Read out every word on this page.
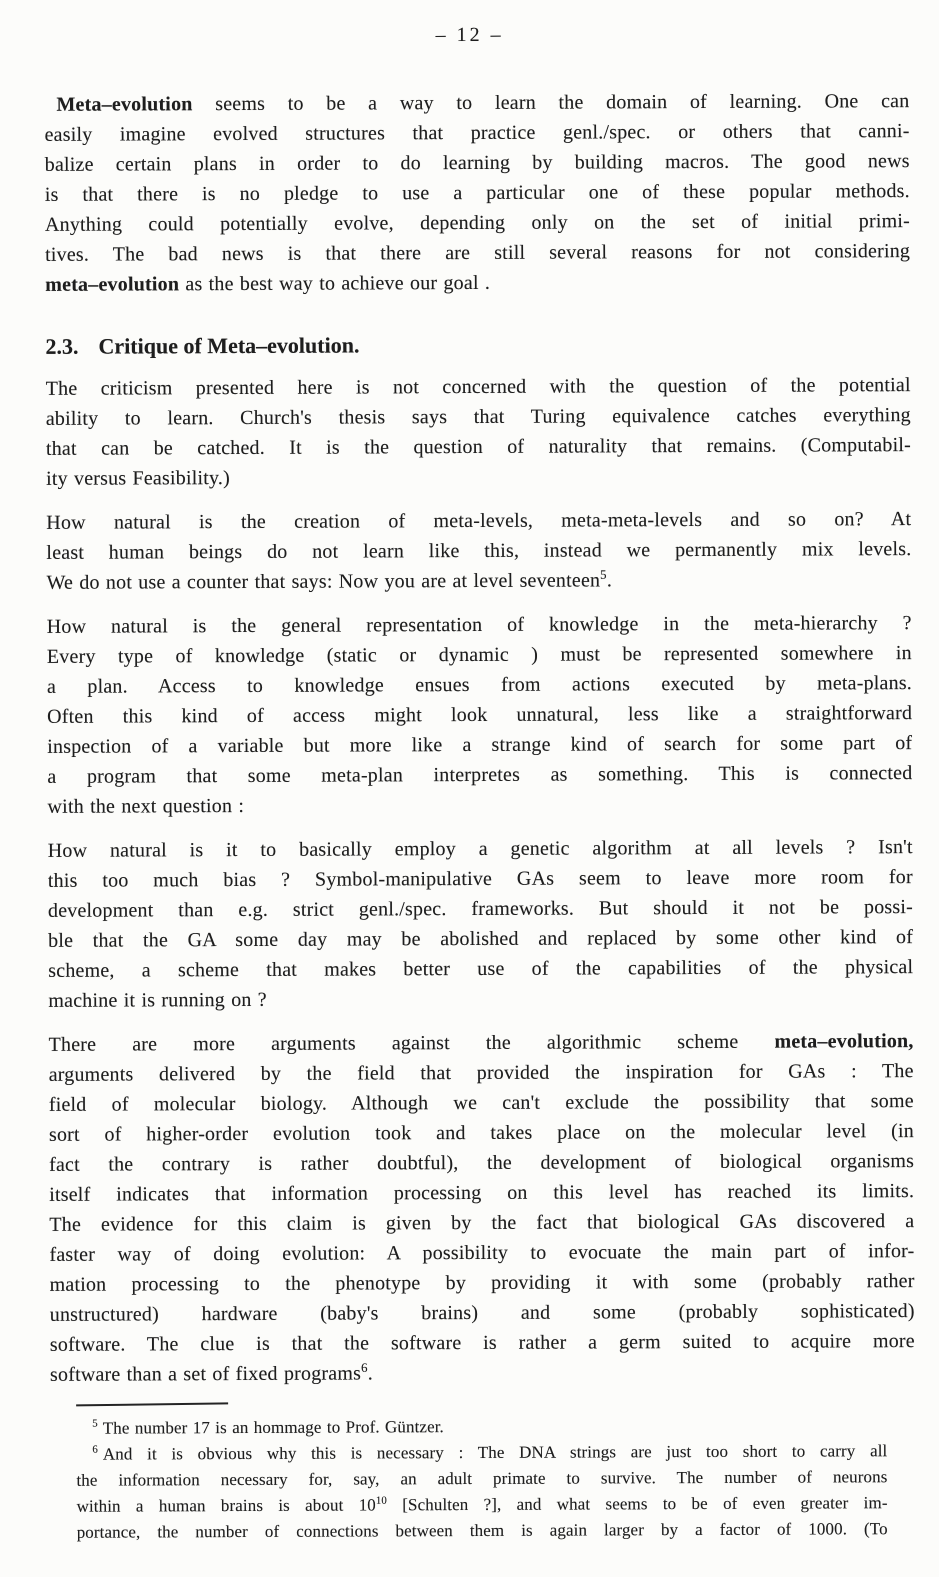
– 12 –
Meta–evolution seems to be a way to learn the domain of learning. One can
easily imagine evolved structures that practice genl./spec. or others that canni-
balize certain plans in order to do learning by building macros. The good news
is that there is no pledge to use a particular one of these popular methods.
Anything could potentially evolve, depending only on the set of initial primi-
tives. The bad news is that there are still several reasons for not considering
meta–evolution as the best way to achieve our goal .
2.3. Critique of Meta–evolution.
The criticism presented here is not concerned with the question of the potential
ability to learn. Church's thesis says that Turing equivalence catches everything
that can be catched. It is the question of naturality that remains. (Computabil-
ity versus Feasibility.)
How natural is the creation of meta-levels, meta-meta-levels and so on? At
least human beings do not learn like this, instead we permanently mix levels.
We do not use a counter that says: Now you are at level seventeen$^5$.
How natural is the general representation of knowledge in the meta-hierarchy ?
Every type of knowledge (static or dynamic ) must be represented somewhere in
a plan. Access to knowledge ensues from actions executed by meta-plans.
Often this kind of access might look unnatural, less like a straightforward
inspection of a variable but more like a strange kind of search for some part of
a program that some meta-plan interpretes as something. This is connected
with the next question :
How natural is it to basically employ a genetic algorithm at all levels ? Isn't
this too much bias ? Symbol-manipulative GAs seem to leave more room for
development than e.g. strict genl./spec. frameworks. But should it not be possi-
ble that the GA some day may be abolished and replaced by some other kind of
scheme, a scheme that makes better use of the capabilities of the physical
machine it is running on ?
There are more arguments against the algorithmic scheme meta–evolution,
arguments delivered by the field that provided the inspiration for GAs : The
field of molecular biology. Although we can't exclude the possibility that some
sort of higher-order evolution took and takes place on the molecular level (in
fact the contrary is rather doubtful), the development of biological organisms
itself indicates that information processing on this level has reached its limits.
The evidence for this claim is given by the fact that biological GAs discovered a
faster way of doing evolution: A possibility to evocuate the main part of infor-
mation processing to the phenotype by providing it with some (probably rather
unstructured) hardware (baby's brains) and some (probably sophisticated)
software. The clue is that the software is rather a germ suited to acquire more
software than a set of fixed programs$^6$.
$^5$ The number 17 is an hommage to Prof. Güntzer.
$^6$ And it is obvious why this is necessary : The DNA strings are just too short to carry all
the information necessary for, say, an adult primate to survive. The number of neurons
within a human brains is about $10^{10}$ [Schulten ?], and what seems to be of even greater im-
portance, the number of connections between them is again larger by a factor of 1000. (To
